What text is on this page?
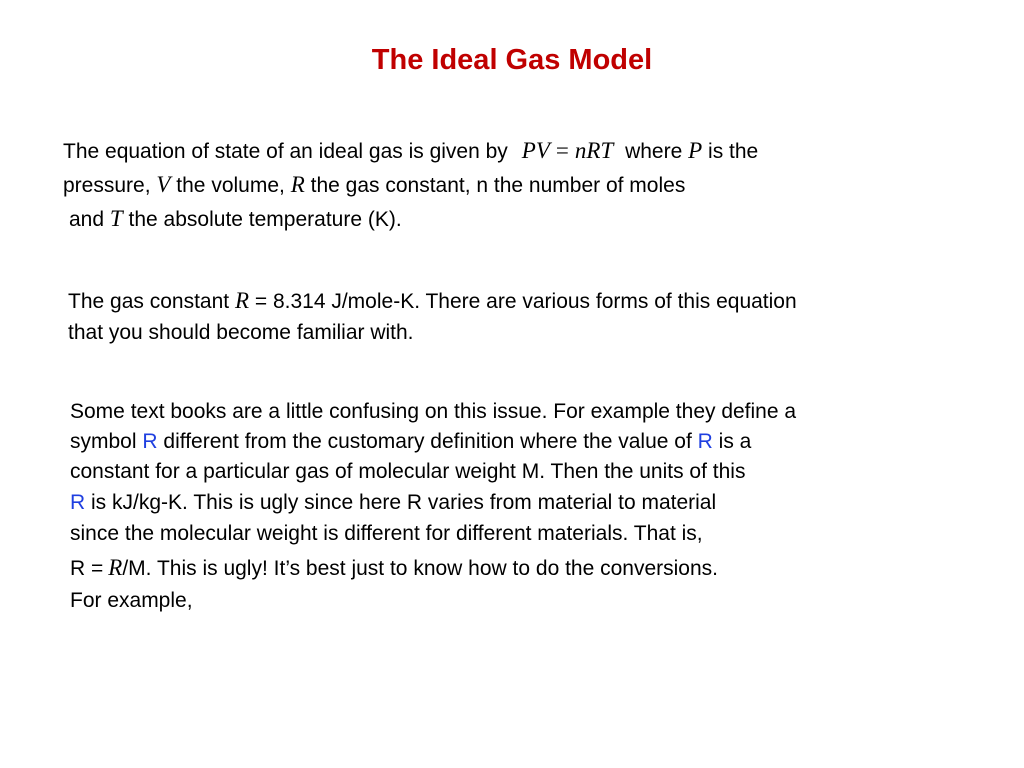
The Ideal Gas Model
The equation of state of an ideal gas is given by PV = nRT where P is the
pressure, V the volume, R the gas constant, n the number of moles
and T the absolute temperature (K).
The gas constant R = 8.314 J/mole-K. There are various forms of this equation
that you should become familiar with.
Some text books are a little confusing on this issue. For example they define a
symbol R different from the customary definition where the value of R is a
constant for a particular gas of molecular weight M. Then the units of this
R is kJ/kg-K. This is ugly since here R varies from material to material
since the molecular weight is different for different materials. That is,
R = R/M. This is ugly! It’s best just to know how to do the conversions.
For example,
